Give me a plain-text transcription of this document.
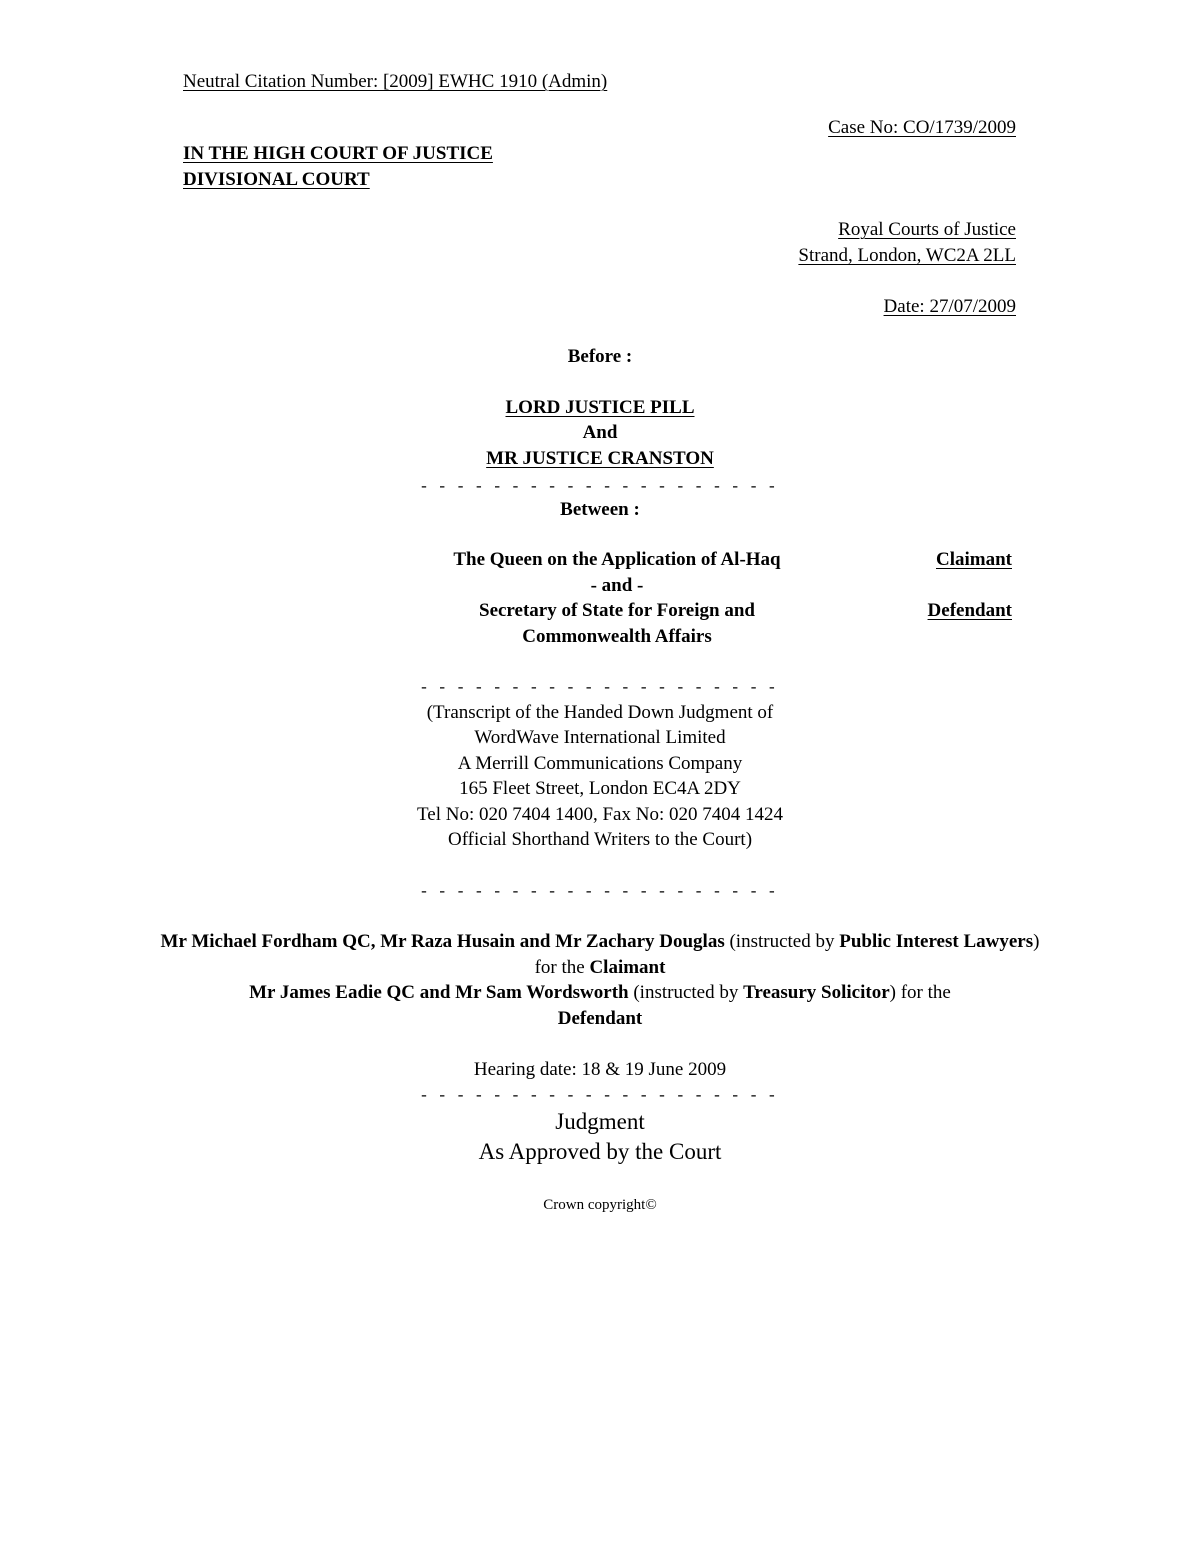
Neutral Citation Number: [2009] EWHC 1910 (Admin)
Case No: CO/1739/2009
IN THE HIGH COURT OF JUSTICE
DIVISIONAL COURT
Royal Courts of Justice
Strand, London, WC2A 2LL
Date: 27/07/2009
Before :
LORD JUSTICE PILL
And
MR JUSTICE CRANSTON
- - - - - - - - - - - - - - - - - - - -
Between :
The Queen on the Application of Al-Haq	Claimant
- and -
Secretary of State for Foreign and	Defendant
Commonwealth Affairs
- - - - - - - - - - - - - - - - - - - -
(Transcript of the Handed Down Judgment of
WordWave International Limited
A Merrill Communications Company
165 Fleet Street, London EC4A 2DY
Tel No: 020 7404 1400, Fax No: 020 7404 1424
Official Shorthand Writers to the Court)
- - - - - - - - - - - - - - - - - - - -
Mr Michael Fordham QC, Mr Raza Husain and Mr Zachary Douglas (instructed by Public Interest Lawyers) for the Claimant
Mr James Eadie QC and Mr Sam Wordsworth (instructed by Treasury Solicitor) for the
Defendant
Hearing date: 18 & 19 June 2009
- - - - - - - - - - - - - - - - - - - -
Judgment
As Approved by the Court
Crown copyright©
